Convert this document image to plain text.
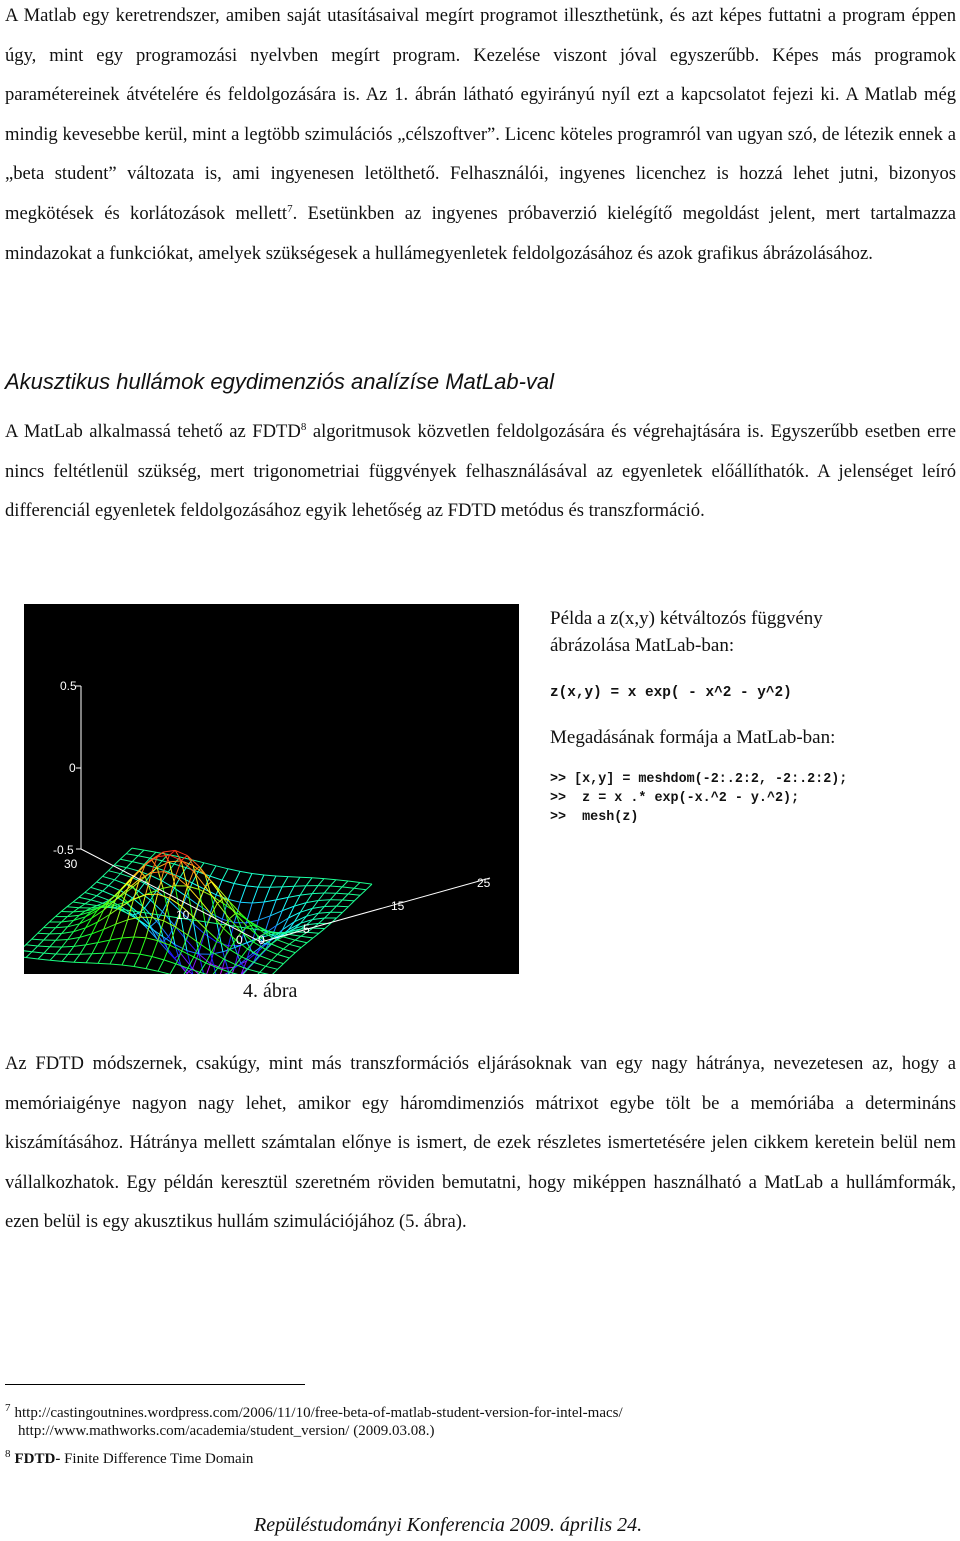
A Matlab egy keretrendszer, amiben saját utasításaival megírt programot illeszthetünk, és azt képes futtatni a program éppen úgy, mint egy programozási nyelvben megírt program. Kezelése viszont jóval egyszerűbb. Képes más programok paramétereinek átvételére és feldolgozására is. Az 1. ábrán látható egyirányú nyíl ezt a kapcsolatot fejezi ki. A Matlab még mindig kevesebbe kerül, mint a legtöbb szimulációs „célszoftver”. Licenc köteles programról van ugyan szó, de létezik ennek a „beta student” változata is, ami ingyenesen letölthető. Felhasználói, ingyenes licenchez is hozzá lehet jutni, bizonyos megkötések és korlátozások mellett$^7$. Esetünkben az ingyenes próbaverzió kielégítő megoldást jelent, mert tartalmazza mindazokat a funkciókat, amelyek szükségesek a hullámegyenletek feldolgozásához és azok grafikus ábrázolásához.

Akusztikus hullámok egydimenziós analízíse MatLab-val

A MatLab alkalmassá tehető az FDTD$^8$ algoritmusok közvetlen feldolgozására és végrehajtására is. Egyszerűbb esetben erre nincs feltétlenül szükség, mert trigonometriai függvények felhasználásával az egyenletek előállíthatók. A jelenséget leíró differenciál egyenletek feldolgozásához egyik lehetőség az FDTD metódus és transzformáció.

0.5
0
-0.5
30
10
0 0
5
15
25

Példa a z(x,y) kétváltozós függvény
ábrázolása MatLab-ban:

z(x,y) = x exp( - x^2 - y^2)

Megadásának formája a MatLab-ban:

>> [x,y] = meshdom(-2:.2:2, -2:.2:2);
>>  z = x .* exp(-x.^2 - y.^2);
>>  mesh(z)

4. ábra

Az FDTD módszernek, csakúgy, mint más transzformációs eljárásoknak van egy nagy hátránya, nevezetesen az, hogy a memóriaigénye nagyon nagy lehet, amikor egy háromdimenziós mátrixot egybe tölt be a memóriába a determináns kiszámításához. Hátránya mellett számtalan előnye is ismert, de ezek részletes ismertetésére jelen cikkem keretein belül nem vállalkozhatok. Egy példán keresztül szeretném röviden bemutatni, hogy miképpen használható a MatLab a hullámformák, ezen belül is egy akusztikus hullám szimulációjához (5. ábra).

$^7$ http://castingoutnines.wordpress.com/2006/11/10/free-beta-of-matlab-student-version-for-intel-macs/

http://www.mathworks.com/academia/student_version/ (2009.03.08.)

$^8$ FDTD- Finite Difference Time Domain

Repüléstudományi Konferencia 2009. április 24.
